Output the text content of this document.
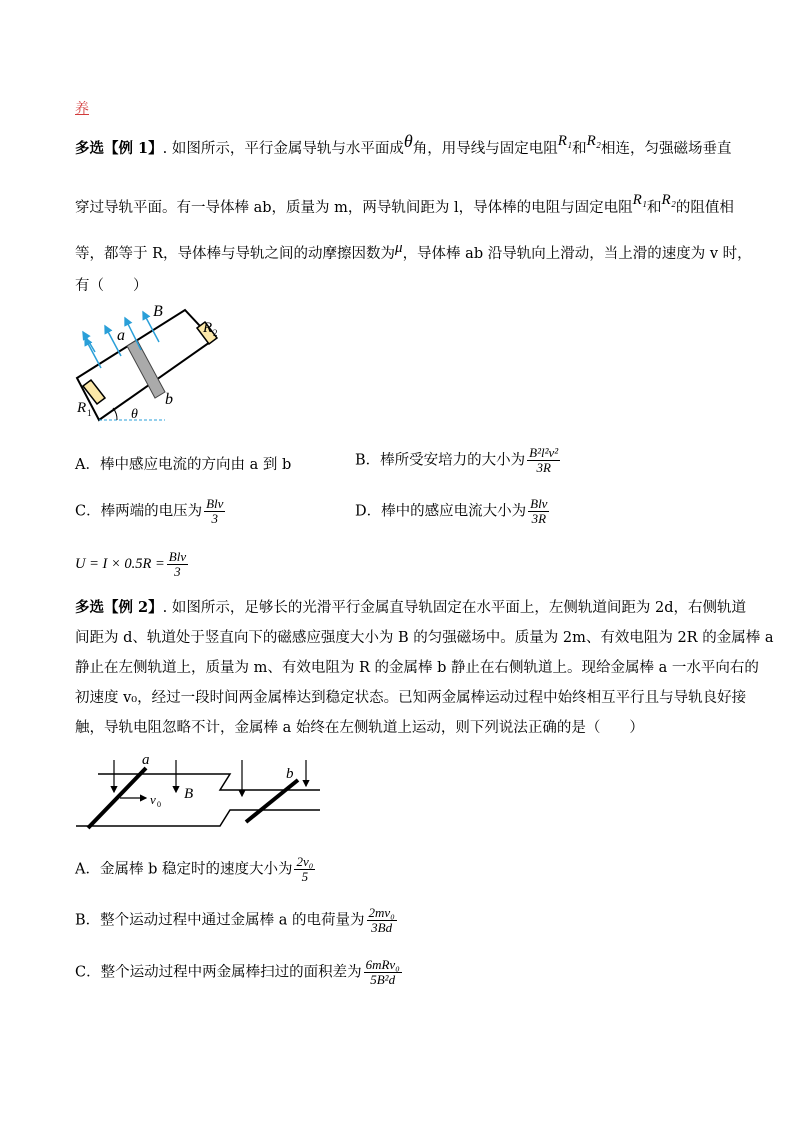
养
多选【例 1】. 如图所示，平行金属导轨与水平面成θ角，用导线与固定电阻R₁和R₂相连，匀强磁场垂直
穿过导轨平面。有一导体棒 ab，质量为 m，两导轨间距为 l，导体棒的电阻与固定电阻R₁和R₂的阻值相
等，都等于 R，导体棒与导轨之间的动摩擦因数为μ，导体棒 ab 沿导轨向上滑动，当上滑的速度为 v 时，
有（　　）
B
a
b
R 2
R 1	θ
A．棒中感应电流的方向由 a 到 b	B．棒所受安培力的大小为 $\frac{\text{B²l²v²}}{3R}$
C．棒两端的电压为 $\frac{\text{Blv}}{3}$	D．棒中的感应电流大小为 $\frac{\text{Blv}}{3R}$
$U = I \times 0.5R = \frac{\text{Blv}}{3}$
多选【例 2】. 如图所示，足够长的光滑平行金属直导轨固定在水平面上，左侧轨道间距为 2d，右侧轨道
间距为 d、轨道处于竖直向下的磁感应强度大小为 B 的匀强磁场中。质量为 2m、有效电阻为 2R 的金属棒 a
静止在左侧轨道上，质量为 m、有效电阻为 R 的金属棒 b 静止在右侧轨道上。现给金属棒 a 一水平向右的
初速度 v₀，经过一段时间两金属棒达到稳定状态。已知两金属棒运动过程中始终相互平行且与导轨良好接
触，导轨电阻忽略不计，金属棒 a 始终在左侧轨道上运动，则下列说法正确的是（　　）
a
b
B
v 0
A．金属棒 b 稳定时的速度大小为 $\frac{\text{2v₀}}{5}$
B．整个运动过程中通过金属棒 a 的电荷量为 $\frac{\text{2mv₀}}{3Bd}$
C．整个运动过程中两金属棒扫过的面积差为 $\frac{\text{6mRv₀}}{\text{5B²d}}$
